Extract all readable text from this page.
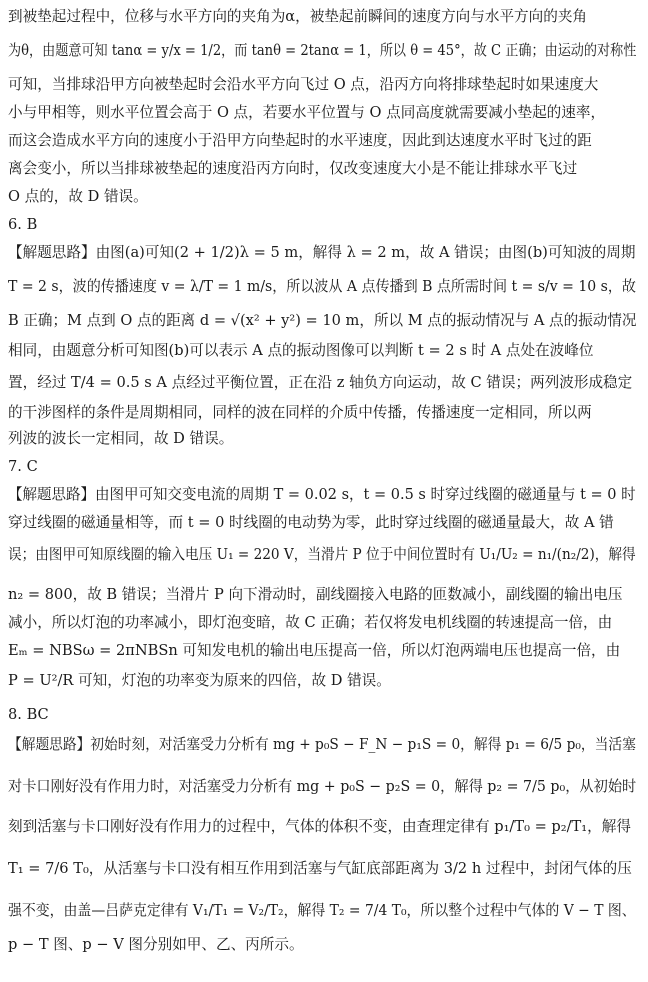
到被垫起过程中，位移与水平方向的夹角为α，被垫起前瞬间的速度方向与水平方向的夹角
为θ，由题意可知 tanα = y/x = 1/2，而 tanθ = 2tanα = 1，所以 θ = 45°，故 C 正确；由运动的对称性
可知，当排球沿甲方向被垫起时会沿水平方向飞过 O 点，沿丙方向将排球垫起时如果速度大
小与甲相等，则水平位置会高于 O 点，若要水平位置与 O 点同高度就需要减小垫起的速率，
而这会造成水平方向的速度小于沿甲方向垫起时的水平速度，因此到达速度水平时飞过的距
离会变小，所以当排球被垫起的速度沿丙方向时，仅改变速度大小是不能让排球水平飞过
O 点的，故 D 错误。
6. B
【解题思路】由图(a)可知(2 + 1/2)λ = 5 m，解得 λ = 2 m，故 A 错误；由图(b)可知波的周期
T = 2 s，波的传播速度 v = λ/T = 1 m/s，所以波从 A 点传播到 B 点所需时间 t = s/v = 10 s，故
B 正确；M 点到 O 点的距离 d = √(x² + y²) = 10 m，所以 M 点的振动情况与 A 点的振动情况
相同，由题意分析可知图(b)可以表示 A 点的振动图像可以判断 t = 2 s 时 A 点处在波峰位
置，经过 T/4 = 0.5 s A 点经过平衡位置，正在沿 z 轴负方向运动，故 C 错误；两列波形成稳定
的干涉图样的条件是周期相同，同样的波在同样的介质中传播，传播速度一定相同，所以两
列波的波长一定相同，故 D 错误。
7. C
【解题思路】由图甲可知交变电流的周期 T = 0.02 s，t = 0.5 s 时穿过线圈的磁通量与 t = 0 时
穿过线圈的磁通量相等，而 t = 0 时线圈的电动势为零，此时穿过线圈的磁通量最大，故 A 错
误；由图甲可知原线圈的输入电压 U₁ = 220 V，当滑片 P 位于中间位置时有 U₁/U₂ = n₁/(n₂/2)，解得
n₂ = 800，故 B 错误；当滑片 P 向下滑动时，副线圈接入电路的匝数减小，副线圈的输出电压
减小，所以灯泡的功率减小，即灯泡变暗，故 C 正确；若仅将发电机线圈的转速提高一倍，由
Eₘ = NBSω = 2πNBSn 可知发电机的输出电压提高一倍，所以灯泡两端电压也提高一倍，由
P = U²/R 可知，灯泡的功率变为原来的四倍，故 D 错误。
8. BC
【解题思路】初始时刻，对活塞受力分析有 mg + p₀S − F_N − p₁S = 0，解得 p₁ = 6/5 p₀，当活塞
对卡口刚好没有作用力时，对活塞受力分析有 mg + p₀S − p₂S = 0，解得 p₂ = 7/5 p₀，从初始时
刻到活塞与卡口刚好没有作用力的过程中，气体的体积不变，由查理定律有 p₁/T₀ = p₂/T₁，解得
T₁ = 7/6 T₀，从活塞与卡口没有相互作用到活塞与气缸底部距离为 3/2 h 过程中，封闭气体的压
强不变，由盖—吕萨克定律有 V₁/T₁ = V₂/T₂，解得 T₂ = 7/4 T₀，所以整个过程中气体的 V − T 图、
p − T 图、p − V 图分别如甲、乙、丙所示。
